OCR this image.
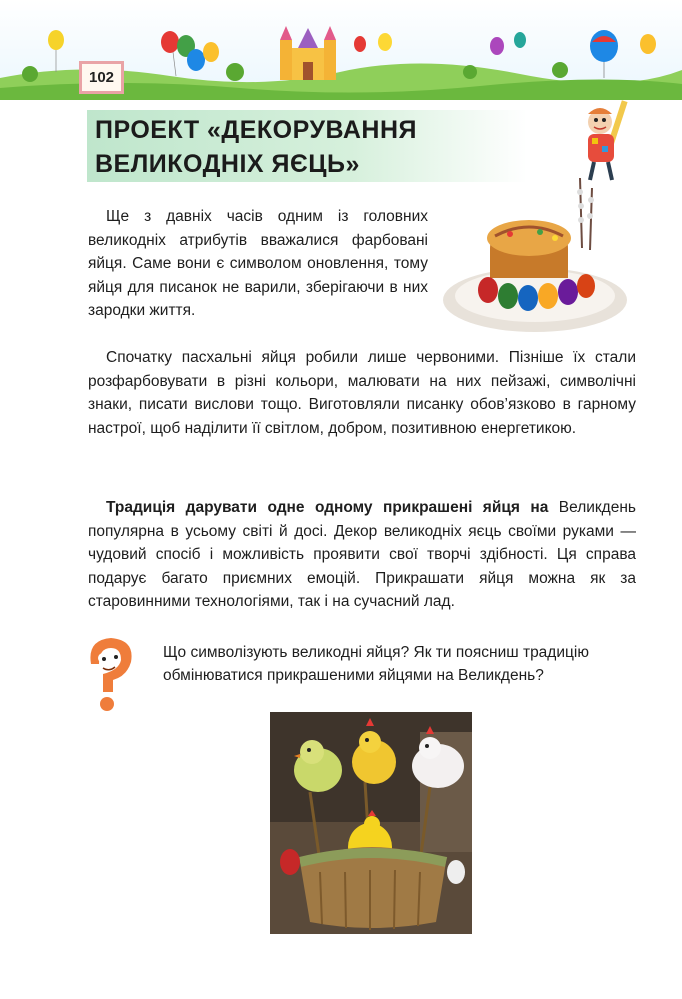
102
ПРОЕКТ «ДЕКОРУВАННЯ
ВЕЛИКОДНІХ ЯЄЦЬ»
Ще з давніх часів одним із головних великодніх атрибутів вважалися фарбовані яйця. Саме вони є символом оновлення, тому яйця для писанок не варили, зберігаючи в них зародки життя.
Спочатку пасхальні яйця робили лише червоними. Пізніше їх стали розфарбовувати в різні кольори, малювати на них пейзажі, символічні знаки, писати вислови тощо. Виготовляли писанку обов’язково в гарному настрої, щоб наділити її світлом, добром, позитивною енергетикою.
Традиція дарувати одне одному прикрашені яйця на Великдень популярна в усьому світі й досі. Декор великодніх яєць своїми руками — чудовий спосіб і можливість проявити свої творчі здібності. Ця справа подарує багато приємних емоцій. Прикрашати яйця можна як за старовинними технологіями, так і на сучасний лад.
Що символізують великодні яйця? Як ти поясниш традицію обмінюватися прикрашеними яйцями на Великдень?
